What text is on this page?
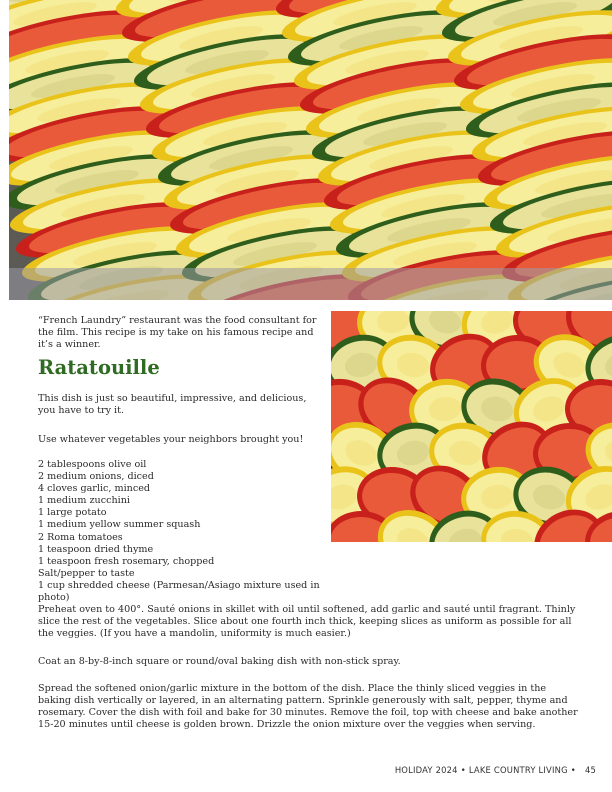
“French Laundry” restaurant was the food consultant for the film. This recipe is my take on his famous recipe and it’s a winner.

Ratatouille

This dish is just so beautiful, impressive, and delicious, you have to try it.

Use whatever vegetables your neighbors brought you!

2 tablespoons olive oil
2 medium onions, diced
4 cloves garlic, minced
1 medium zucchini
1 large potato
1 medium yellow summer squash
2 Roma tomatoes
1 teaspoon dried thyme
1 teaspoon fresh rosemary, chopped
Salt/pepper to taste
1 cup shredded cheese (Parmesan/Asiago mixture used in photo)

Preheat oven to 400°. Sauté onions in skillet with oil until softened, add garlic and sauté until fragrant. Thinly slice the rest of the vegetables. Slice about one fourth inch thick, keeping slices as uniform as possible for all the veggies. (If you have a mandolin, uniformity is much easier.)

Coat an 8-by-8-inch square or round/oval baking dish with non-stick spray.

Spread the softened onion/garlic mixture in the bottom of the dish. Place the thinly sliced veggies in the baking dish vertically or layered, in an alternating pattern. Sprinkle generously with salt, pepper, thyme and rosemary. Cover the dish with foil and bake for 30 minutes. Remove the foil, top with cheese and bake another 15-20 minutes until cheese is golden brown. Drizzle the onion mixture over the veggies when serving.

HOLIDAY 2024 • LAKE COUNTRY LIVING • 45
